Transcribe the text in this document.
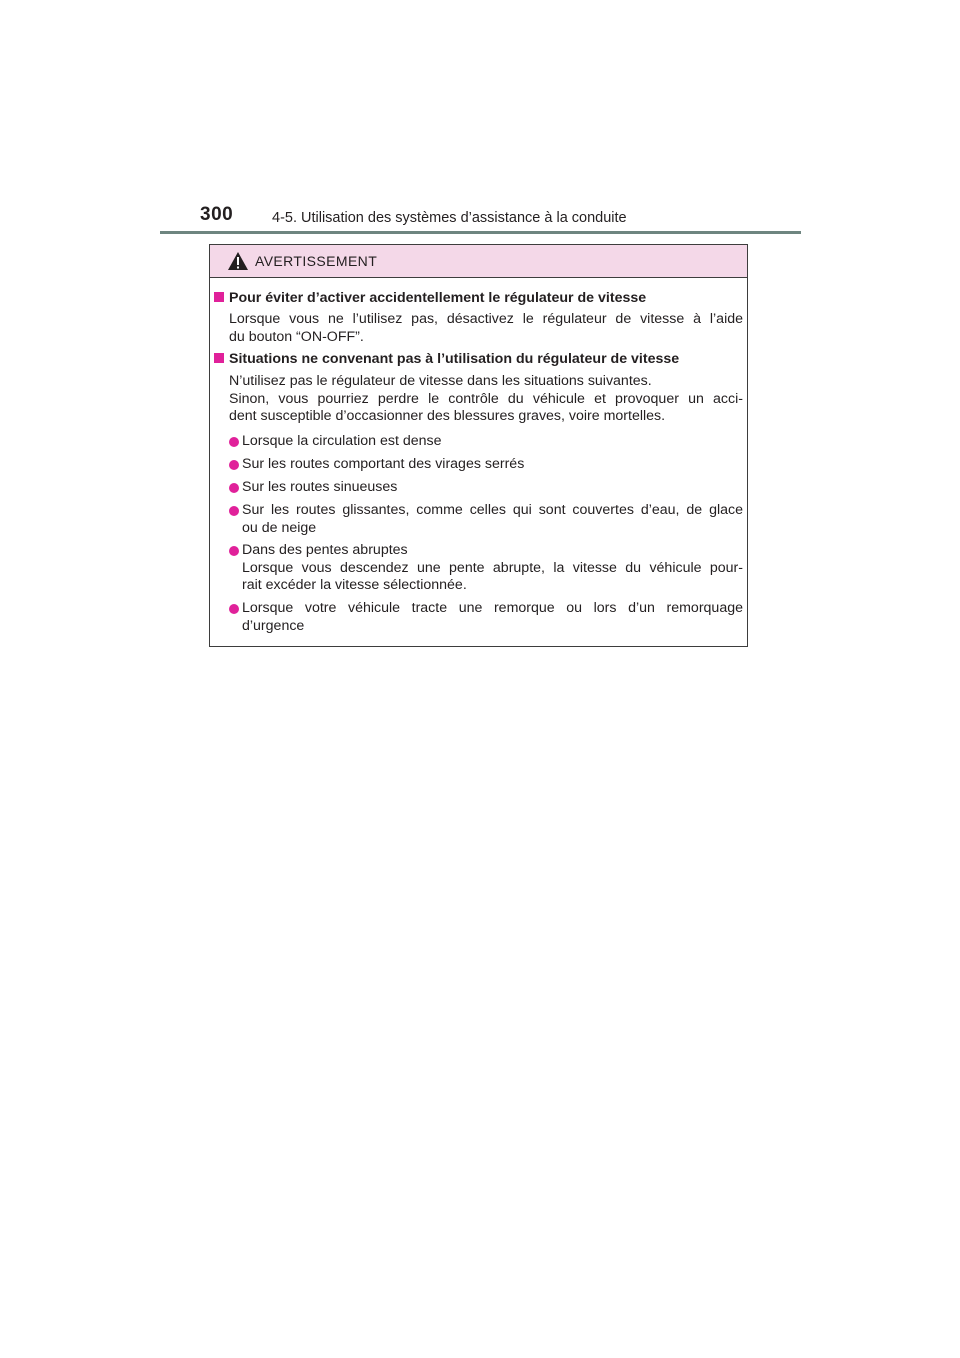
300	4-5. Utilisation des systèmes d’assistance à la conduite
AVERTISSEMENT
Pour éviter d’activer accidentellement le régulateur de vitesse
Lorsque vous ne l’utilisez pas, désactivez le régulateur de vitesse à l’aide
du bouton “ON-OFF”.
Situations ne convenant pas à l’utilisation du régulateur de vitesse
N’utilisez pas le régulateur de vitesse dans les situations suivantes.
Sinon, vous pourriez perdre le contrôle du véhicule et provoquer un acci-
dent susceptible d’occasionner des blessures graves, voire mortelles.
Lorsque la circulation est dense
Sur les routes comportant des virages serrés
Sur les routes sinueuses
Sur les routes glissantes, comme celles qui sont couvertes d’eau, de glace
ou de neige
Dans des pentes abruptes
Lorsque vous descendez une pente abrupte, la vitesse du véhicule pour-
rait excéder la vitesse sélectionnée.
Lorsque votre véhicule tracte une remorque ou lors d’un remorquage
d’urgence
